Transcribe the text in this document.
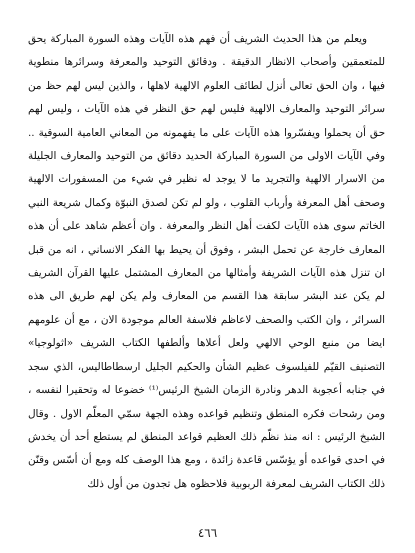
ويعلم من هذا الحديث الشريف أن فهم هذه الآيات وهذه السورة المباركة يحق للمتعمقين وأصحاب الانظار الدقيقة . ودقائق التوحيد والمعرفة وسرائرها منطوية فيها ، وان الحق تعالى أنزل لطائف العلوم الالهية لاهلها ، والذين ليس لهم حظ من سرائر التوحيد والمعارف الالهية فليس لهم حق النظر في هذه الآيات ، وليس لهم حق أن يحملوا ويفسّروا هذه الآيات على ما يفهمونه من المعاني العامية السوقية .. وفي الآيات الاولى من السورة المباركة الحديد دقائق من التوحيد والمعارف الجليلة من الاسرار الالهية والتجريد ما لا يوجد له نظير في شيء من المسفورات الالهية وصحف أهل المعرفة وأرباب القلوب ، ولو لم تكن لصدق النبوّة وكمال شريعة النبي الخاتم سوى هذه الآيات لكفت أهل النظر والمعرفة . وان أعظم شاهد على أن هذه المعارف خارجة عن تحمل البشر ، وفوق أن يحيط بها الفكر الانساني ، انه من قبل ان تنزل هذه الآيات الشريفة وأمثالها من المعارف المشتمل عليها القرآن الشريف لم يكن عند البشر سابقة هذا القسم من المعارف ولم يكن لهم طريق الى هذه السرائر ، وان الكتب والصحف لاعاظم فلاسفة العالم موجودة الان ، مع أن علومهم ايضا من منبع الوحي الالهي ولعل أعلاها وألطفها الكتاب الشريف «اثولوجيا» التصنيف القيّم للفيلسوف عظيم الشأن والحكيم الجليل ارسطاطاليس، الذي سجد في جنابه أعجوبة الدهر ونادرة الزمان الشيخ الرئيس⁽¹⁾ خضوعا له وتحقيرا لنفسه ، ومن رشحات فكره المنطق وتنظيم قواعده وهذه الجهة سمّي المعلّم الاول . وقال الشيخ الرئيس : انه منذ نظّم ذلك العظيم قواعد المنطق لم يستطع أحد أن يخدش في احدى قواعده أو يؤسّس قاعدة زائدة ، ومع هذا الوصف كله ومع أن أسّس وقنّن ذلك الكتاب الشريف لمعرفة الربوبية فلاحظوه هل تجدون من أول ذلك

٤٦٦
